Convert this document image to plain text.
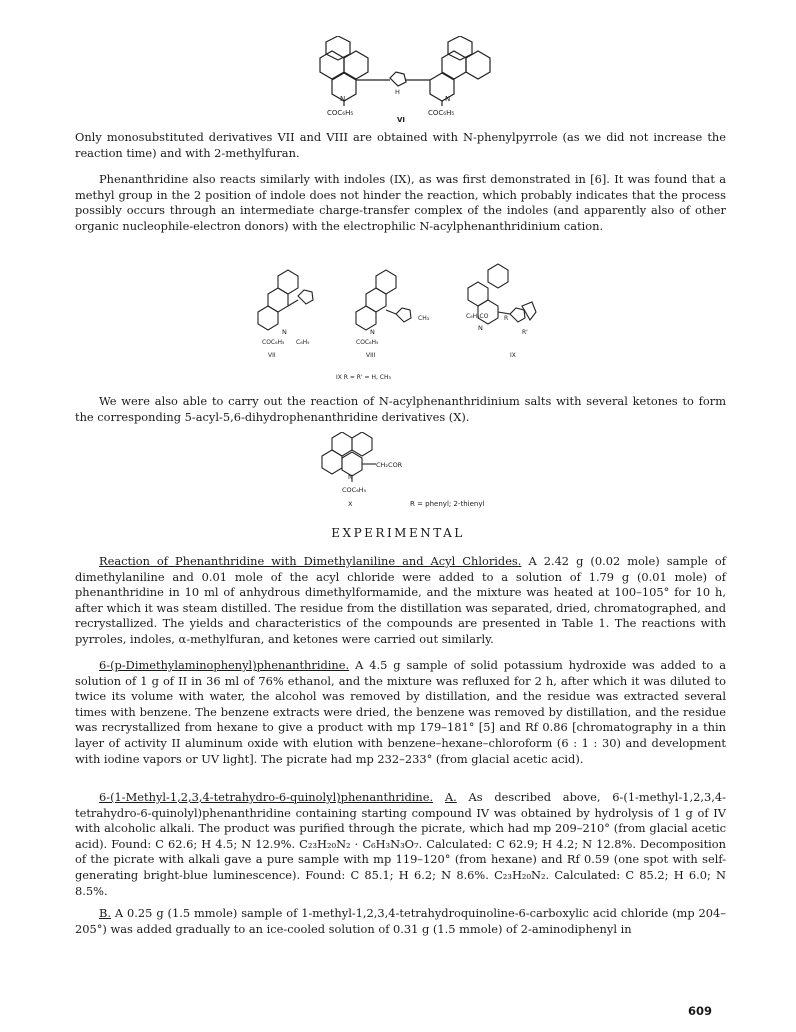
N	N
H
COC₆H₅	COC₆H₅
VI

Only monosubstituted derivatives VII and VIII are obtained with N-phenylpyrrole (as we did not increase the reaction time) and with 2-methylfuran.

Phenanthridine also reacts similarly with indoles (IX), as was first demonstrated in [6]. It was found that a methyl group in the 2 position of indole does not hinder the reaction, which probably indicates that the process possibly occurs through an intermediate charge-transfer complex of the indoles (and apparently also of other organic nucleophile-electron donors) with the electrophilic N-acylphenanthridinium cation.

N
COC₆H₅ C₆H₅
VII
N
CH₃
COC₆H₅
VIII
N
C₆H₅CO	R
R'
IX
IX R = R' = H, CH₃

We were also able to carry out the reaction of N-acylphenanthridinium salts with several ketones to form the corresponding 5-acyl-5,6-dihydrophenanthridine derivatives (X).

N
CH₂COR
COC₆H₅
X	R = phenyl; 2-thienyl

EXPERIMENTAL

Reaction of Phenanthridine with Dimethylaniline and Acyl Chlorides. A 2.42 g (0.02 mole) sample of dimethylaniline and 0.01 mole of the acyl chloride were added to a solution of 1.79 g (0.01 mole) of phenanthridine in 10 ml of anhydrous dimethylformamide, and the mixture was heated at 100–105° for 10 h, after which it was steam distilled. The residue from the distillation was separated, dried, chromatographed, and recrystallized. The yields and characteristics of the compounds are presented in Table 1. The reactions with pyrroles, indoles, α-methylfuran, and ketones were carried out similarly.

6-(p-Dimethylaminophenyl)phenanthridine. A 4.5 g sample of solid potassium hydroxide was added to a solution of 1 g of II in 36 ml of 76% ethanol, and the mixture was refluxed for 2 h, after which it was diluted to twice its volume with water, the alcohol was removed by distillation, and the residue was extracted several times with benzene. The benzene extracts were dried, the benzene was removed by distillation, and the residue was recrystallized from hexane to give a product with mp 179–181° [5] and Rf 0.86 [chromatography in a thin layer of activity II aluminum oxide with elution with benzene–hexane–chloroform (6 : 1 : 30) and development with iodine vapors or UV light]. The picrate had mp 232–233° (from glacial acetic acid).

6-(1-Methyl-1,2,3,4-tetrahydro-6-quinolyl)phenanthridine. A. As described above, 6-(1-methyl-1,2,3,4-tetrahydro-6-quinolyl)phenanthridine containing starting compound IV was obtained by hydrolysis of 1 g of IV with alcoholic alkali. The product was purified through the picrate, which had mp 209–210° (from glacial acetic acid). Found: C 62.6; H 4.5; N 12.9%. C₂₃H₂₀N₂ · C₆H₃N₃O₇. Calculated: C 62.9; H 4.2; N 12.8%. Decomposition of the picrate with alkali gave a pure sample with mp 119–120° (from hexane) and Rf 0.59 (one spot with self-generating bright-blue luminescence). Found: C 85.1; H 6.2; N 8.6%. C₂₃H₂₀N₂. Calculated: C 85.2; H 6.0; N 8.5%.

B. A 0.25 g (1.5 mmole) sample of 1-methyl-1,2,3,4-tetrahydroquinoline-6-carboxylic acid chloride (mp 204–205°) was added gradually to an ice-cooled solution of 0.31 g (1.5 mmole) of 2-aminodiphenyl in

609
